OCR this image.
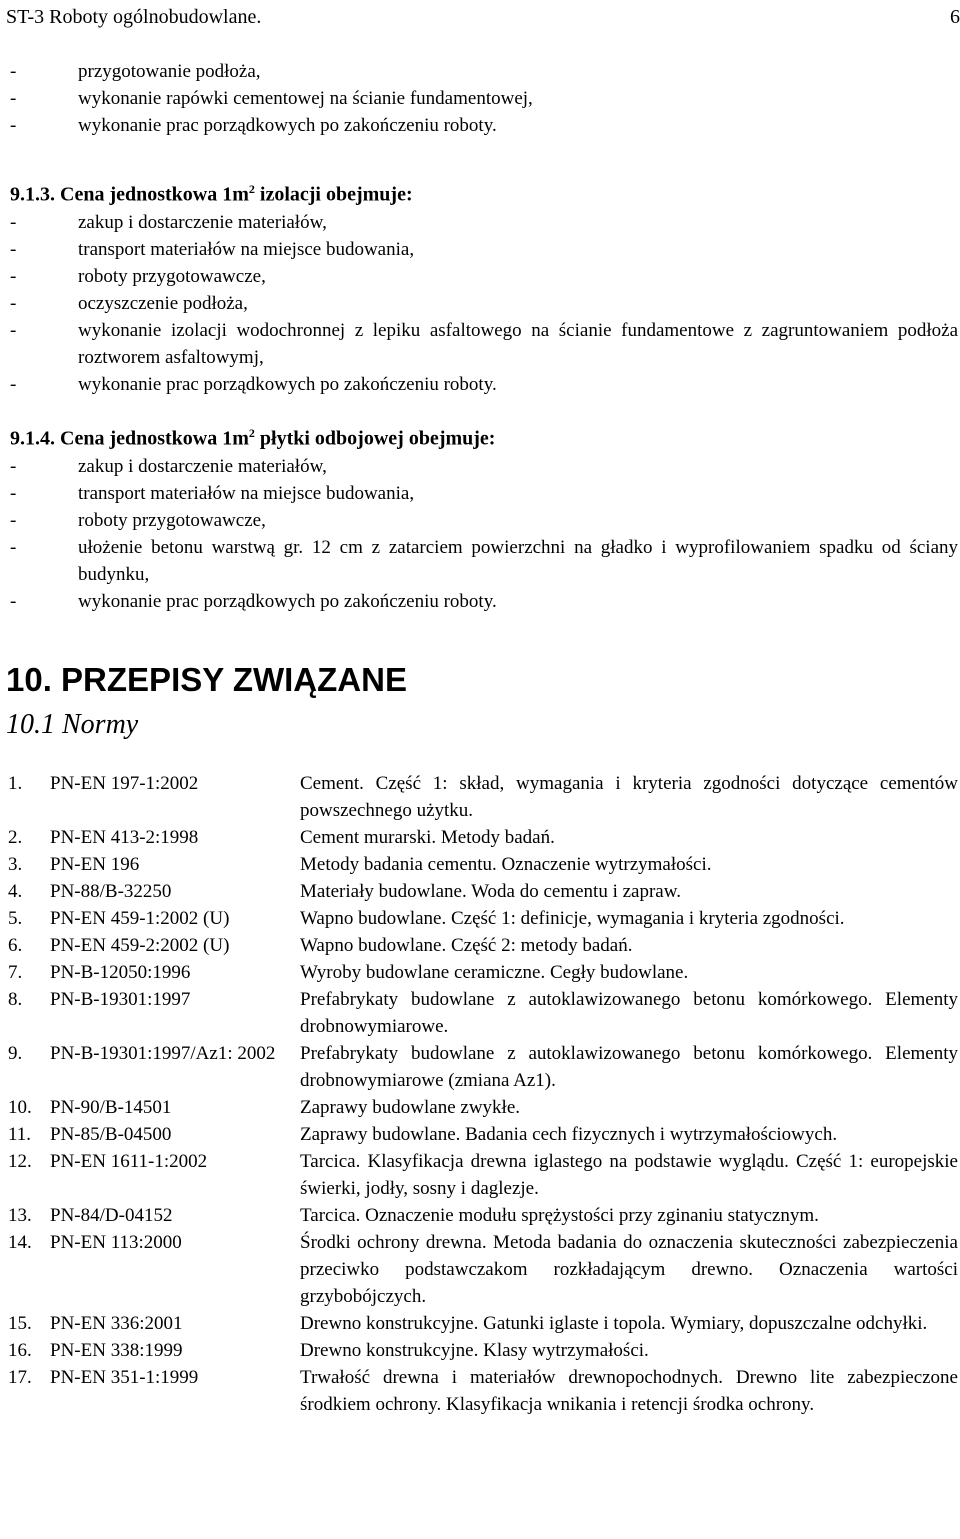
ST-3 Roboty ogólnobudowlane.	6
-	przygotowanie podłoża,
-	wykonanie rapówki cementowej na ścianie fundamentowej,
-	wykonanie prac porządkowych po zakończeniu roboty.
9.1.3. Cena jednostkowa $1m^2$ izolacji obejmuje:
-	zakup i dostarczenie materiałów,
-	transport materiałów na miejsce budowania,
-	roboty przygotowawcze,
-	oczyszczenie podłoża,
-	wykonanie izolacji wodochronnej z lepiku asfaltowego na ścianie fundamentowe z zagruntowaniem podłoża roztworem asfaltowymj,
-	wykonanie prac porządkowych po zakończeniu roboty.
9.1.4. Cena jednostkowa $1m^2$ płytki odbojowej obejmuje:
-	zakup i dostarczenie materiałów,
-	transport materiałów na miejsce budowania,
-	roboty przygotowawcze,
-	ułożenie betonu warstwą gr. 12 cm z zatarciem powierzchni na gładko i wyprofilowaniem spadku od ściany budynku,
-	wykonanie prac porządkowych po zakończeniu roboty.
10. PRZEPISY ZWIĄZANE
10.1 Normy
1.	PN-EN 197-1:2002	Cement. Część 1: skład, wymagania i kryteria zgodności dotyczące cementów powszechnego użytku.
2.	PN-EN 413-2:1998	Cement murarski. Metody badań.
3.	PN-EN 196	Metody badania cementu. Oznaczenie wytrzymałości.
4.	PN-88/B-32250	Materiały budowlane. Woda do cementu i zapraw.
5.	PN-EN 459-1:2002 (U)	Wapno budowlane. Część 1: definicje, wymagania i kryteria zgodności.
6.	PN-EN 459-2:2002 (U)	Wapno budowlane. Część 2: metody badań.
7.	PN-B-12050:1996	Wyroby budowlane ceramiczne. Cegły budowlane.
8.	PN-B-19301:1997	Prefabrykaty budowlane z autoklawizowanego betonu komórkowego. Elementy drobnowymiarowe.
9.	PN-B-19301:1997/Az1: 2002	Prefabrykaty budowlane z autoklawizowanego betonu komórkowego. Elementy drobnowymiarowe (zmiana Az1).
10. PN-90/B-14501	Zaprawy budowlane zwykłe.
11. PN-85/B-04500	Zaprawy budowlane. Badania cech fizycznych i wytrzymałościowych.
12. PN-EN 1611-1:2002	Tarcica. Klasyfikacja drewna iglastego na podstawie wyglądu. Część 1: europejskie świerki, jodły, sosny i daglezje.
13. PN-84/D-04152	Tarcica. Oznaczenie modułu sprężystości przy zginaniu statycznym.
14. PN-EN 113:2000	Środki ochrony drewna. Metoda badania do oznaczenia skuteczności zabezpieczenia przeciwko podstawczakom rozkładającym drewno. Oznaczenia wartości grzybobójczych.
15. PN-EN 336:2001	Drewno konstrukcyjne. Gatunki iglaste i topola. Wymiary, dopuszczalne odchyłki.
16. PN-EN 338:1999	Drewno konstrukcyjne. Klasy wytrzymałości.
17. PN-EN 351-1:1999	Trwałość drewna i materiałów drewnopochodnych. Drewno lite zabezpieczone środkiem ochrony. Klasyfikacja wnikania i retencji środka ochrony.
